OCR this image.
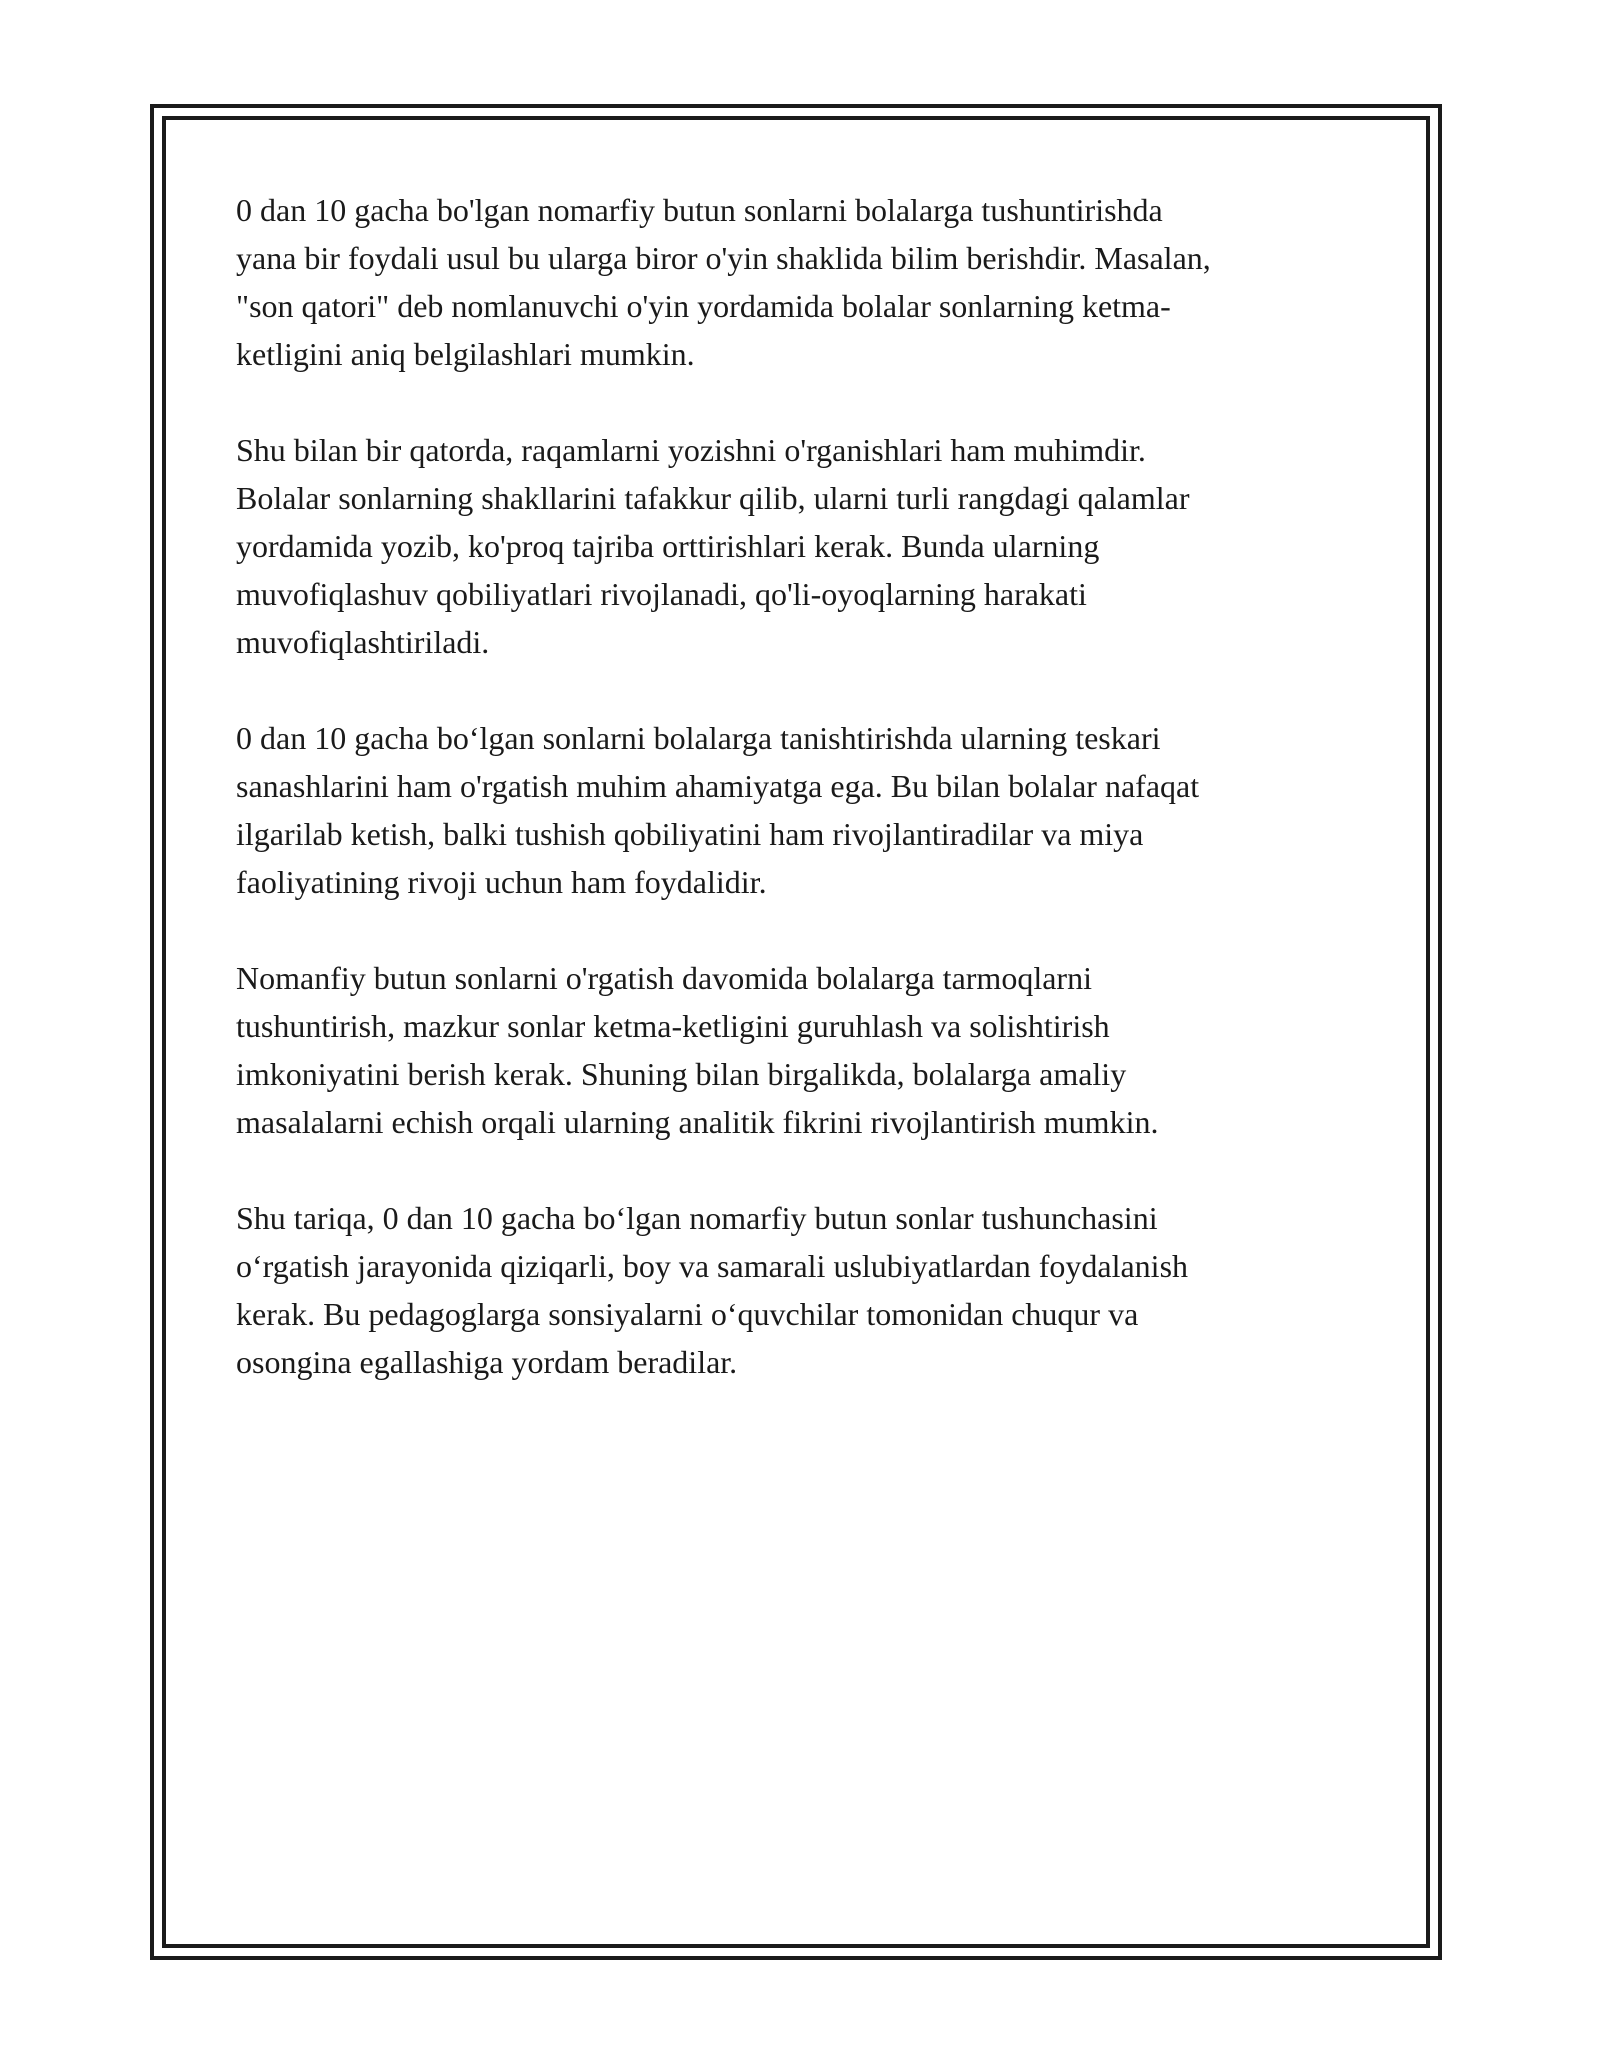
0 dan 10 gacha bo'lgan nomarfiy butun sonlarni bolalarga tushuntirishda
yana bir foydali usul bu ularga biror o'yin shaklida bilim berishdir. Masalan,
"son qatori" deb nomlanuvchi o'yin yordamida bolalar sonlarning ketma-
ketligini aniq belgilashlari mumkin.

Shu bilan bir qatorda, raqamlarni yozishni o'rganishlari ham muhimdir.
Bolalar sonlarning shakllarini tafakkur qilib, ularni turli rangdagi qalamlar
yordamida yozib, ko'proq tajriba orttirishlari kerak. Bunda ularning
muvofiqlashuv qobiliyatlari rivojlanadi, qo'li-oyoqlarning harakati
muvofiqlashtiriladi.

0 dan 10 gacha bo‘lgan sonlarni bolalarga tanishtirishda ularning teskari
sanashlarini ham o'rgatish muhim ahamiyatga ega. Bu bilan bolalar nafaqat
ilgarilab ketish, balki tushish qobiliyatini ham rivojlantiradilar va miya
faoliyatining rivoji uchun ham foydalidir.

Nomanfiy butun sonlarni o'rgatish davomida bolalarga tarmoqlarni
tushuntirish, mazkur sonlar ketma-ketligini guruhlash va solishtirish
imkoniyatini berish kerak. Shuning bilan birgalikda, bolalarga amaliy
masalalarni echish orqali ularning analitik fikrini rivojlantirish mumkin.

Shu tariqa, 0 dan 10 gacha bo‘lgan nomarfiy butun sonlar tushunchasini
o‘rgatish jarayonida qiziqarli, boy va samarali uslubiyatlardan foydalanish
kerak. Bu pedagoglarga sonsiyalarni o‘quvchilar tomonidan chuqur va
osongina egallashiga yordam beradilar.
